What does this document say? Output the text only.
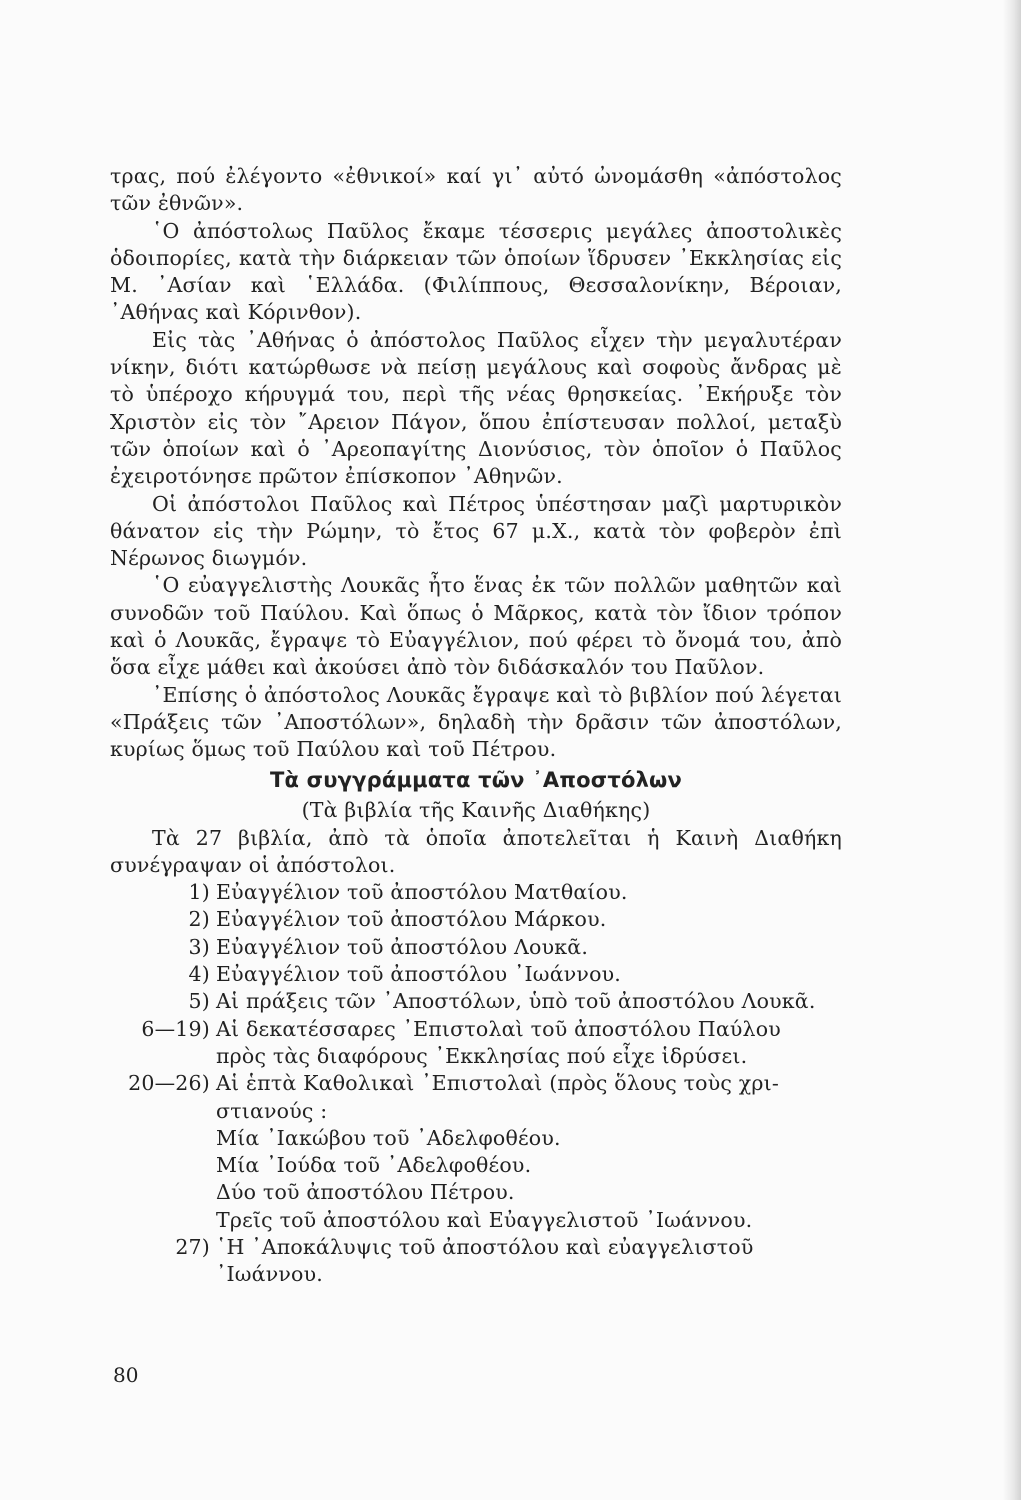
τρας, πού ἐλέγοντο «ἐθνικοί» καί γι᾽ αὐτό ὠνομάσθη «ἀπόστολος τῶν ἐθνῶν».

῾Ο ἀπόστολως Παῦλος ἔκαμε τέσσερις μεγάλες ἀποστολικὲς ὁδοιπορίες, κατὰ τὴν διάρκειαν τῶν ὁποίων ἵδρυσεν ᾽Εκκλησίας εἰς Μ. ᾽Ασίαν καὶ ῾Ελλάδα. (Φιλίππους, Θεσσαλονίκην, Βέροιαν, ᾽Αθήνας καὶ Κόρινθον).

Εἰς τὰς ᾽Αθήνας ὁ ἀπόστολος Παῦλος εἶχεν τὴν μεγαλυτέραν νίκην, διότι κατώρθωσε νὰ πείσῃ μεγάλους καὶ σοφοὺς ἄνδρας μὲ τὸ ὑπέροχο κήρυγμά του, περὶ τῆς νέας θρησκείας. ᾽Εκήρυξε τὸν Χριστὸν εἰς τὸν ῎Αρειον Πάγον, ὅπου ἐπίστευσαν πολλοί, μεταξὺ τῶν ὁποίων καὶ ὁ ᾽Αρεοπαγίτης Διονύσιος, τὸν ὁποῖον ὁ Παῦλος ἐχειροτόνησε πρῶτον ἐπίσκοπον ᾽Αθηνῶν.

Οἱ ἀπόστολοι Παῦλος καὶ Πέτρος ὑπέστησαν μαζὶ μαρτυρικὸν θάνατον εἰς τὴν Ρώμην, τὸ ἔτος 67 μ.Χ., κατὰ τὸν φοβερὸν ἐπὶ Νέρωνος διωγμόν.

῾Ο εὐαγγελιστὴς Λουκᾶς ἦτο ἕνας ἐκ τῶν πολλῶν μαθητῶν καὶ συνοδῶν τοῦ Παύλου. Καὶ ὅπως ὁ Μᾶρκος, κατὰ τὸν ἴδιον τρόπον καὶ ὁ Λουκᾶς, ἔγραψε τὸ Εὐαγγέλιον, πού φέρει τὸ ὄνομά του, ἀπὸ ὅσα εἶχε μάθει καὶ ἀκούσει ἀπὸ τὸν διδάσκαλόν του Παῦλον.

᾽Επίσης ὁ ἀπόστολος Λουκᾶς ἔγραψε καὶ τὸ βιβλίον πού λέγεται «Πράξεις τῶν ᾽Αποστόλων», δηλαδὴ τὴν δρᾶσιν τῶν ἀποστόλων, κυρίως ὅμως τοῦ Παύλου καὶ τοῦ Πέτρου.

Τὰ συγγράμματα τῶν ᾽Αποστόλων

(Τὰ βιβλία τῆς Καινῆς Διαθήκης)

Τὰ 27 βιβλία, ἀπὸ τὰ ὁποῖα ἀποτελεῖται ἡ Καινὴ Διαθήκη συνέγραψαν οἱ ἀπόστολοι.

1) Εὐαγγέλιον τοῦ ἀποστόλου Ματθαίου.
2) Εὐαγγέλιον τοῦ ἀποστόλου Μάρκου.
3) Εὐαγγέλιον τοῦ ἀποστόλου Λουκᾶ.
4) Εὐαγγέλιον τοῦ ἀποστόλου ᾽Ιωάννου.
5) Αἱ πράξεις τῶν ᾽Αποστόλων, ὑπὸ τοῦ ἀποστόλου Λουκᾶ.
6—19) Αἱ δεκατέσσαρες ᾽Επιστολαὶ τοῦ ἀποστόλου Παύλου
πρὸς τὰς διαφόρους ᾽Εκκλησίας πού εἶχε ἱδρύσει.
20—26) Αἱ ἑπτὰ Καθολικαὶ ᾽Επιστολαὶ (πρὸς ὅλους τοὺς χρι-
στιανούς :
Μία ᾽Ιακώβου τοῦ ᾽Αδελφοθέου.
Μία ᾽Ιούδα τοῦ ᾽Αδελφοθέου.
Δύο τοῦ ἀποστόλου Πέτρου.
Τρεῖς τοῦ ἀποστόλου καὶ Εὐαγγελιστοῦ ᾽Ιωάννου.
27) ῾Η ᾽Αποκάλυψις τοῦ ἀποστόλου καὶ εὐαγγελιστοῦ
᾽Ιωάννου.
80
